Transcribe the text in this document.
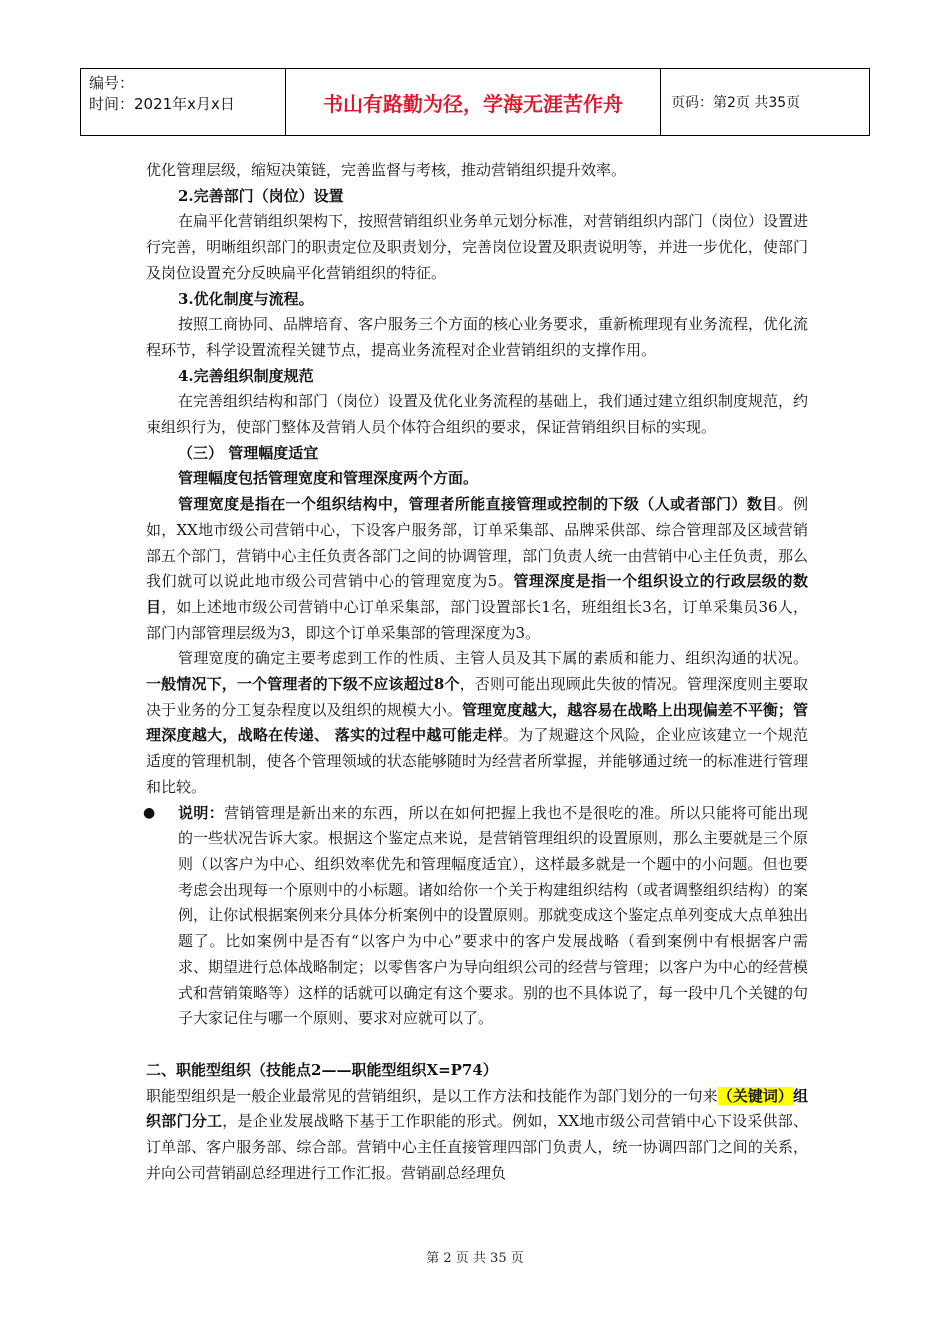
编号：
时间：2021年x月x日	书山有路勤为径，学海无涯苦作舟	页码：第2页 共35页

优化管理层级，缩短决策链，完善监督与考核，推动营销组织提升效率。

2.完善部门（岗位）设置

在扁平化营销组织架构下，按照营销组织业务单元划分标准，对营销组织内部门（岗位）设置进行完善，明晰组织部门的职责定位及职责划分，完善岗位设置及职责说明等，并进一步优化，使部门及岗位设置充分反映扁平化营销组织的特征。

3.优化制度与流程。

按照工商协同、品牌培育、客户服务三个方面的核心业务要求，重新梳理现有业务流程，优化流程环节，科学设置流程关键节点，提高业务流程对企业营销组织的支撑作用。

4.完善组织制度规范

在完善组织结构和部门（岗位）设置及优化业务流程的基础上，我们通过建立组织制度规范，约束组织行为，使部门整体及营销人员个体符合组织的要求，保证营销组织目标的实现。

（三） 管理幅度适宜

管理幅度包括管理宽度和管理深度两个方面。

管理宽度是指在一个组织结构中，管理者所能直接管理或控制的下级（人或者部门）数目。例如，XX地市级公司营销中心，下设客户服务部，订单采集部、品牌采供部、综合管理部及区域营销部五个部门，营销中心主任负责各部门之间的协调管理，部门负责人统一由营销中心主任负责，那么我们就可以说此地市级公司营销中心的管理宽度为5。管理深度是指一个组织设立的行政层级的数目，如上述地市级公司营销中心订单采集部，部门设置部长1名，班组组长3名，订单采集员36人，部门内部管理层级为3，即这个订单采集部的管理深度为3。

管理宽度的确定主要考虑到工作的性质、主管人员及其下属的素质和能力、组织沟通的状况。一般情况下，一个管理者的下级不应该超过8个，否则可能出现顾此失彼的情况。管理深度则主要取决于业务的分工复杂程度以及组织的规模大小。管理宽度越大，越容易在战略上出现偏差不平衡；管理深度越大，战略在传递、 落实的过程中越可能走样。为了规避这个风险，企业应该建立一个规范适度的管理机制，使各个管理领域的状态能够随时为经营者所掌握，并能够通过统一的标准进行管理和比较。

● 说明：营销管理是新出来的东西，所以在如何把握上我也不是很吃的准。所以只能将可能出现的一些状况告诉大家。根据这个鉴定点来说，是营销管理组织的设置原则，那么主要就是三个原则（以客户为中心、组织效率优先和管理幅度适宜），这样最多就是一个题中的小问题。但也要考虑会出现每一个原则中的小标题。诸如给你一个关于构建组织结构（或者调整组织结构）的案例，让你试根据案例来分具体分析案例中的设置原则。那就变成这个鉴定点单列变成大点单独出题了。比如案例中是否有“以客户为中心”要求中的客户发展战略（看到案例中有根据客户需求、期望进行总体战略制定；以零售客户为导向组织公司的经营与管理；以客户为中心的经营模式和营销策略等）这样的话就可以确定有这个要求。别的也不具体说了，每一段中几个关键的句子大家记住与哪一个原则、要求对应就可以了。

二、职能型组织（技能点2——职能型组织X=P74）

职能型组织是一般企业最常见的营销组织，是以工作方法和技能作为部门划分的一句来（关键词）组织部门分工，是企业发展战略下基于工作职能的形式。例如，XX地市级公司营销中心下设采供部、订单部、客户服务部、综合部。营销中心主任直接管理四部门负责人，统一协调四部门之间的关系，并向公司营销副总经理进行工作汇报。营销副总经理负

第 2 页 共 35 页
